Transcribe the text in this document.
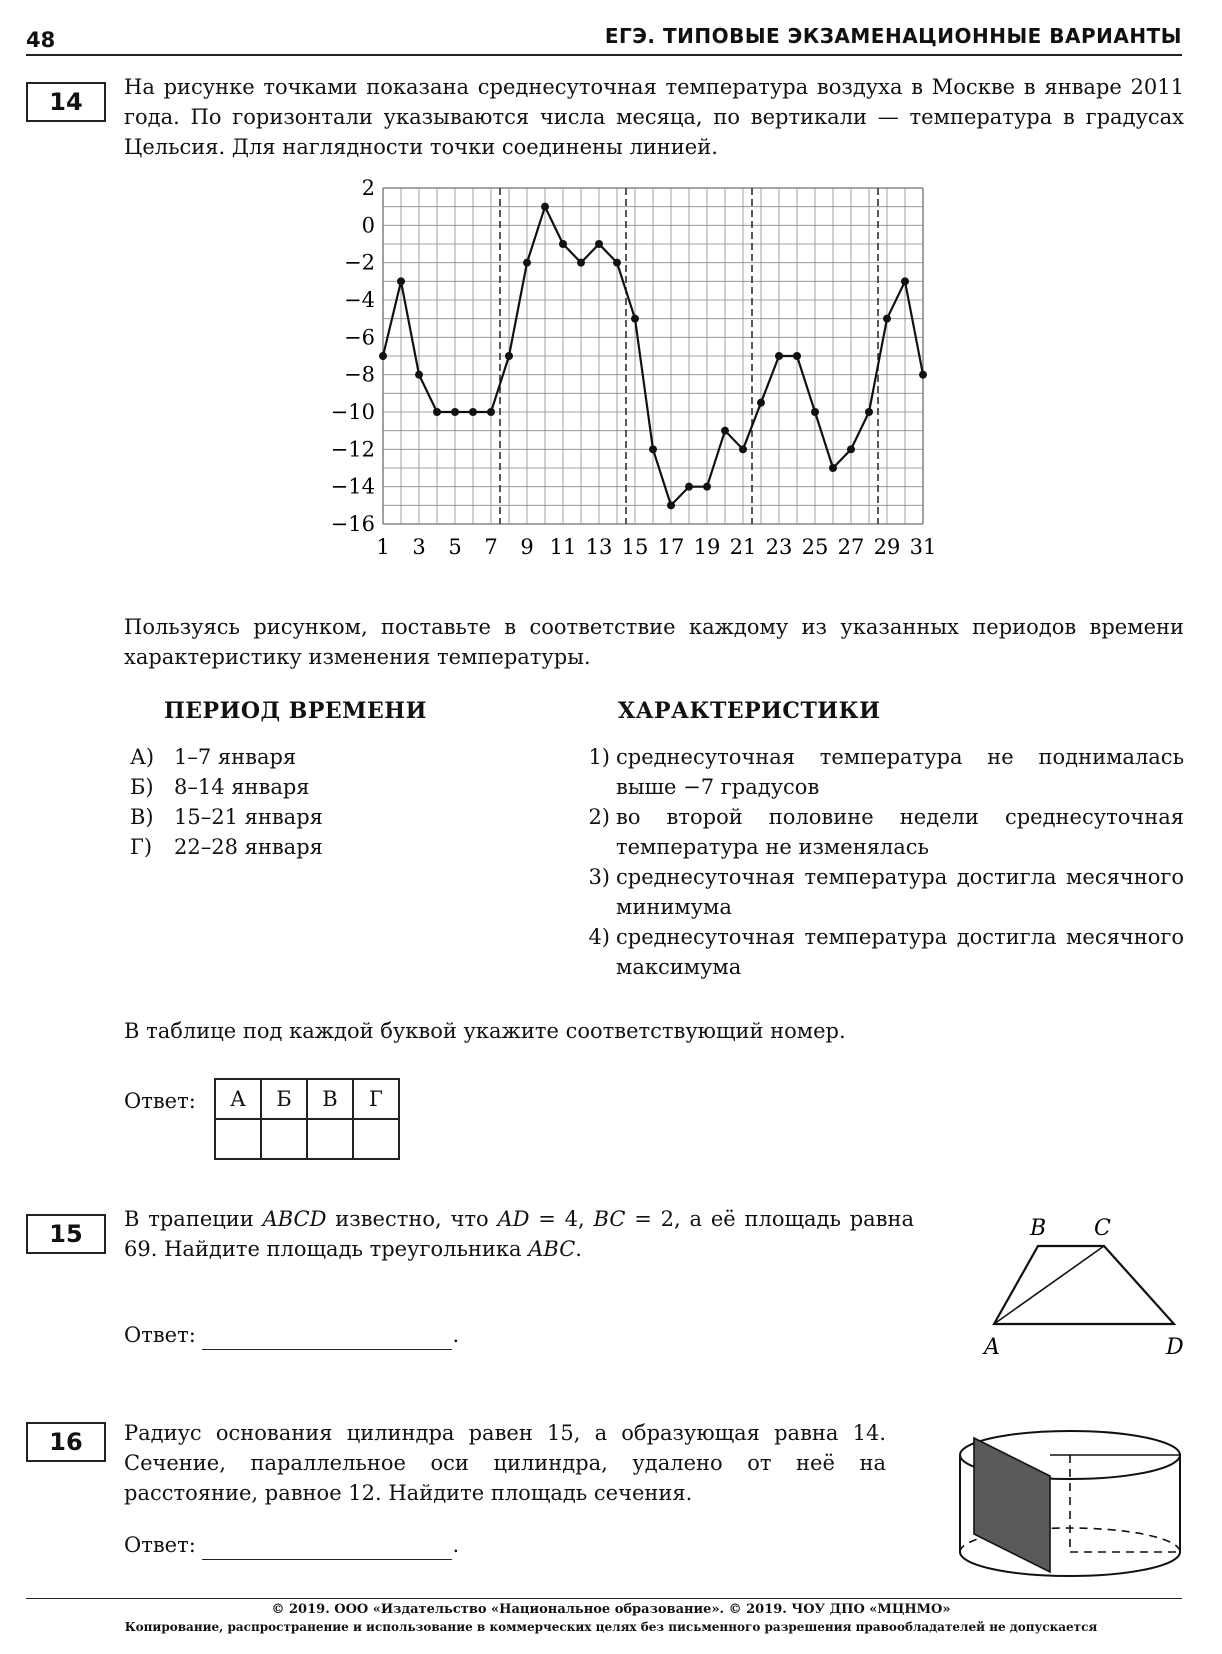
48	ЕГЭ. ТИПОВЫЕ ЭКЗАМЕНАЦИОННЫЕ ВАРИАНТЫ
14
На рисунке точками показана среднесуточная температура воздуха в Москве в январе 2011 года. По горизонтали указываются числа месяца, по вертикали — температура в градусах Цельсия. Для наглядности точки соединены линией.
2
0
−2
−4
−6
−8
−10
−12
−14
−16
1 3 5 7 9 11 13 15 17 19 21 23 25 27 29 31
Пользуясь рисунком, поставьте в соответствие каждому из указанных периодов времени характеристику изменения температуры.
ПЕРИОД ВРЕМЕНИ	ХАРАКТЕРИСТИКИ
А) 1–7 января
Б) 8–14 января
В) 15–21 января
Г)	22–28 января
1) среднесуточная температура не поднималась выше −7 градусов
2) во второй половине недели среднесуточная температура не изменялась
3) среднесуточная температура достигла месячного минимума
4) среднесуточная температура достигла месячного максимума
В таблице под каждой буквой укажите соответствующий номер.
Ответ: А	Б	В	Г

15
В трапеции ABCD известно, что AD = 4, BC = 2, а её площадь равна 69. Найдите площадь треугольника ABC.
Ответ:	.
B C
A	D
16	Радиус основания цилиндра равен 15, а образующая равна 14. Сечение, параллельное оси цилиндра, удалено от неё на расстояние, равное 12. Найдите площадь сечения.
Ответ:	.
© 2019. ООО «Издательство «Национальное образование». © 2019. ЧОУ ДПО «МЦНМО»
Копирование, распространение и использование в коммерческих целях без письменного разрешения правообладателей не допускается
